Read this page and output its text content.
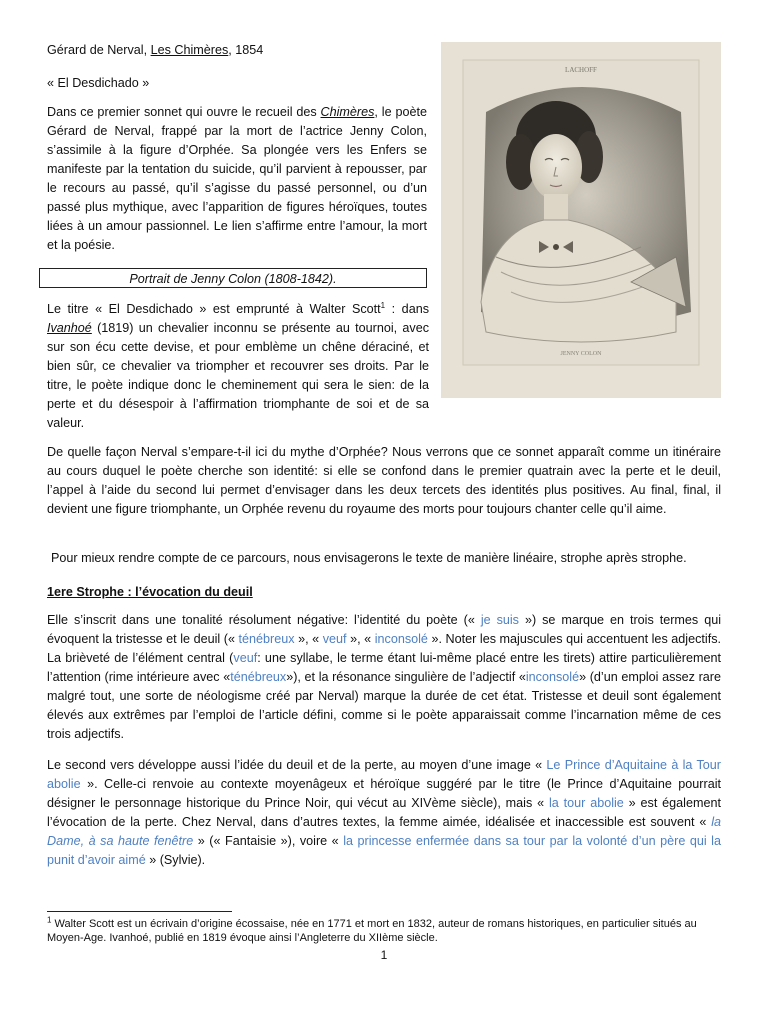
Gérard de Nerval, Les Chimères, 1854
« El Desdichado »
Dans ce premier sonnet qui ouvre le recueil des Chimères, le poète Gérard de Nerval, frappé par la mort de l’actrice Jenny Colon, s’assimile à la figure d’Orphée. Sa plongée vers les Enfers se manifeste par la tentation du suicide, qu’il parvient à repousser, par le recours au passé, qu’il s’agisse du passé personnel, ou d’un passé plus mythique, avec l’apparition de figures héroïques, toutes liées à un amour passionnel. Le lien s’affirme entre l’amour, la mort et la poésie.
Portrait de Jenny Colon (1808-1842).
LACHOFF
JENNY COLON
Le titre « El Desdichado » est emprunté à Walter Scott$^1$ : dans Ivanhoé (1819) un chevalier inconnu se présente au tournoi, avec sur son écu cette devise, et pour emblème un chêne déraciné, et bien sûr, ce chevalier va triompher et recouvrer ses droits. Par le titre, le poète indique donc le cheminement qui sera le sien: de la perte et du désespoir à l’affirmation triomphante de soi et de sa valeur.
De quelle façon Nerval s’empare-t-il ici du mythe d’Orphée? Nous verrons que ce sonnet apparaît comme un itinéraire au cours duquel le poète cherche son identité: si elle se confond dans le premier quatrain avec la perte et le deuil, l’appel à l’aide du second lui permet d’envisager dans les deux tercets des identités plus positives. Au final, final, il devient une figure triomphante, un Orphée revenu du royaume des morts pour toujours chanter celle qu’il aime.
Pour mieux rendre compte de ce parcours, nous envisagerons le texte de manière linéaire, strophe après strophe.
1ere Strophe : l’évocation du deuil
Elle s’inscrit dans une tonalité résolument négative: l’identité du poète (« je suis ») se marque en trois termes qui évoquent la tristesse et le deuil (« ténébreux », « veuf », « inconsolé ». Noter les majuscules qui accentuent les adjectifs. La brièveté de l’élément central (veuf: une syllabe, le terme étant lui-même placé entre les tirets) attire particulièrement l’attention (rime intérieure avec «ténébreux»), et la résonance singulière de l’adjectif «inconsolé» (d’un emploi assez rare malgré tout, une sorte de néologisme créé par Nerval) marque la durée de cet état. Tristesse et deuil sont également élevés aux extrêmes par l’emploi de l’article défini, comme si le poète apparaissait comme l’incarnation même de ces trois adjectifs.
Le second vers développe aussi l’idée du deuil et de la perte, au moyen d’une image « Le Prince d’Aquitaine à la Tour abolie ». Celle-ci renvoie au contexte moyenâgeux et héroïque suggéré par le titre (le Prince d’Aquitaine pourrait désigner le personnage historique du Prince Noir, qui vécut au XIVème siècle), mais « la tour abolie » est également l’évocation de la perte. Chez Nerval, dans d’autres textes, la femme aimée, idéalisée et inaccessible est souvent « la Dame, à sa haute fenêtre » (« Fantaisie »), voire « la princesse enfermée dans sa tour par la volonté d’un père qui la punit d’avoir aimé » (Sylvie).
$^1$ Walter Scott est un écrivain d’origine écossaise, née en 1771 et mort en 1832, auteur de romans historiques, en particulier situés au Moyen-Age. Ivanhoé, publié en 1819 évoque ainsi l’Angleterre du XIIème siècle.
1
